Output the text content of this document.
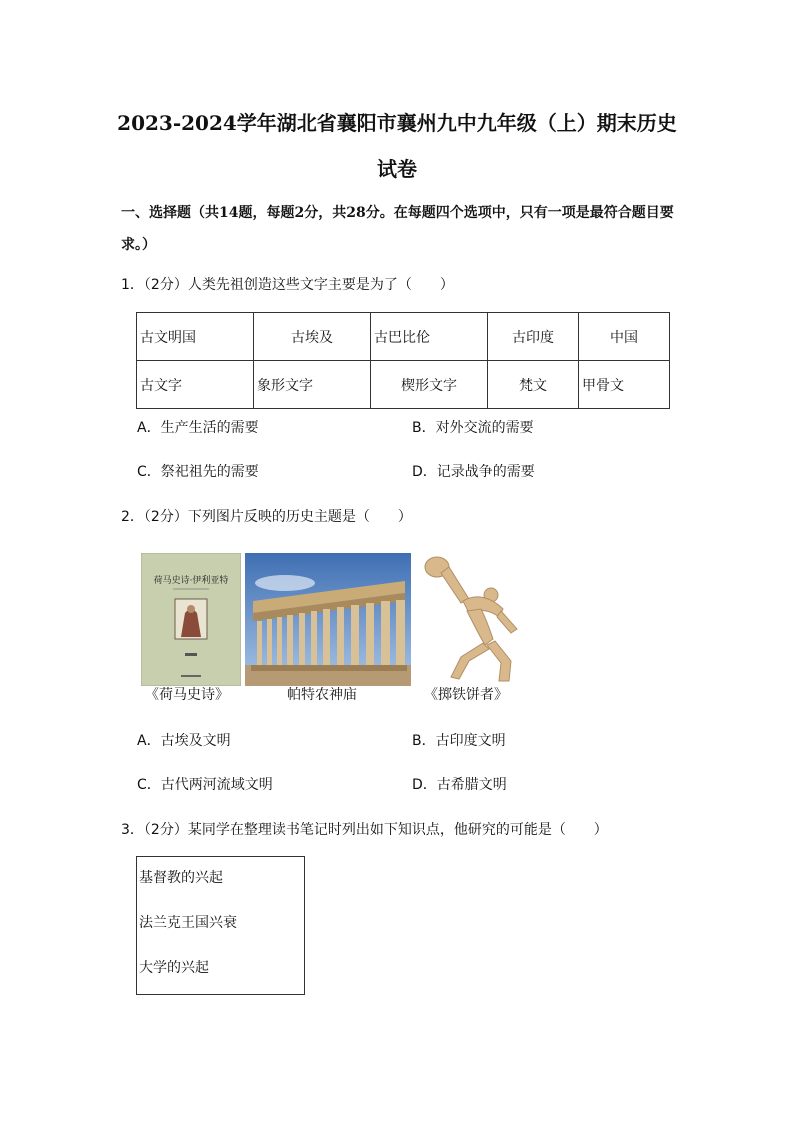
2023-2024学年湖北省襄阳市襄州九中九年级（上）期末历史试卷
一、选择题（共14题，每题2分，共28分。在每题四个选项中，只有一项是最符合题目要求。）
1．（2分）人类先祖创造这些文字主要是为了（　　）
古文明国	古埃及	古巴比伦	古印度	中国
古文字	象形文字	楔形文字	梵文	甲骨文
A．生产生活的需要	B．对外交流的需要
C．祭祀祖先的需要	D．记录战争的需要
2．（2分）下列图片反映的历史主题是（　　）
荷马史诗·伊利亚特
《荷马史诗》	帕特农神庙	《掷铁饼者》
A．古埃及文明	B．古印度文明
C．古代两河流域文明	D．古希腊文明
3．（2分）某同学在整理读书笔记时列出如下知识点，他研究的可能是（　　）
基督教的兴起
法兰克王国兴衰
大学的兴起
